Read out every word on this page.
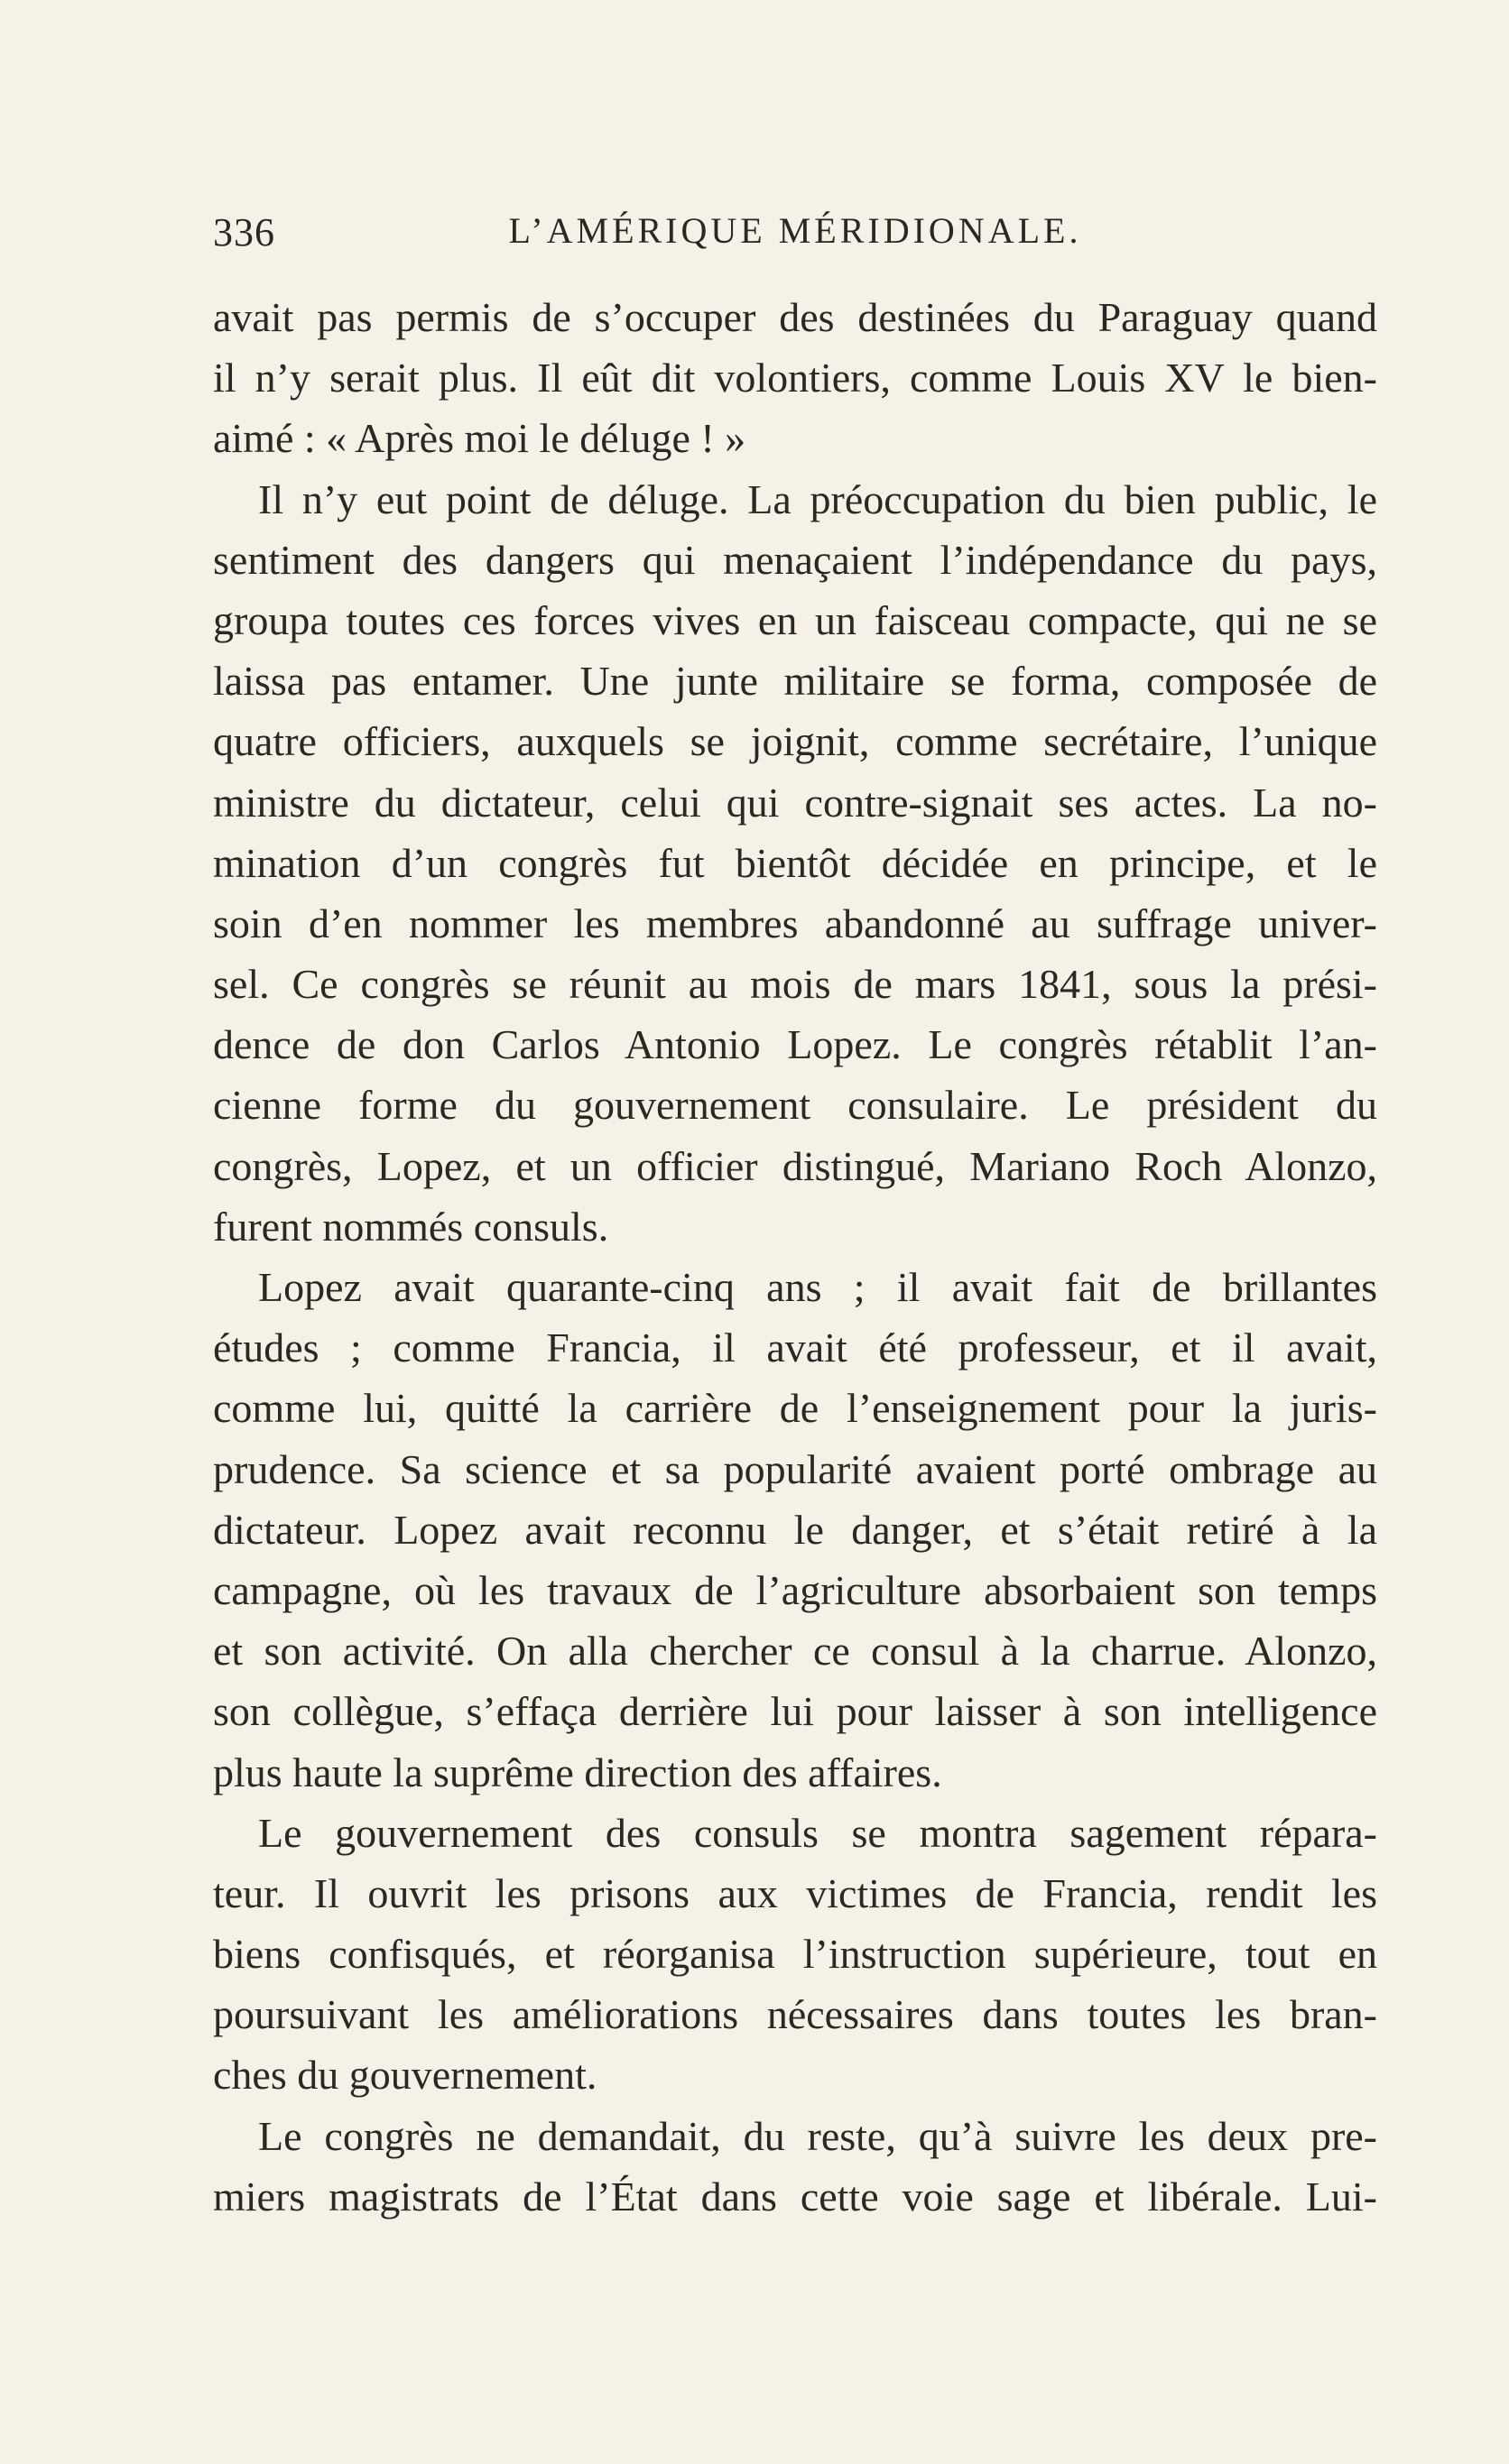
336	L’AMÉRIQUE MÉRIDIONALE.
avait pas permis de s’occuper des destinées du Paraguay quand
il n’y serait plus. Il eût dit volontiers, comme Louis XV le bien-
aimé : « Après moi le déluge ! »
Il n’y eut point de déluge. La préoccupation du bien public, le
sentiment des dangers qui menaçaient l’indépendance du pays,
groupa toutes ces forces vives en un faisceau compacte, qui ne se
laissa pas entamer. Une junte militaire se forma, composée de
quatre officiers, auxquels se joignit, comme secrétaire, l’unique
ministre du dictateur, celui qui contre-signait ses actes. La no-
mination d’un congrès fut bientôt décidée en principe, et le
soin d’en nommer les membres abandonné au suffrage univer-
sel. Ce congrès se réunit au mois de mars 1841, sous la prési-
dence de don Carlos Antonio Lopez. Le congrès rétablit l’an-
cienne forme du gouvernement consulaire. Le président du
congrès, Lopez, et un officier distingué, Mariano Roch Alonzo,
furent nommés consuls.
Lopez avait quarante-cinq ans ; il avait fait de brillantes
études ; comme Francia, il avait été professeur, et il avait,
comme lui, quitté la carrière de l’enseignement pour la juris-
prudence. Sa science et sa popularité avaient porté ombrage au
dictateur. Lopez avait reconnu le danger, et s’était retiré à la
campagne, où les travaux de l’agriculture absorbaient son temps
et son activité. On alla chercher ce consul à la charrue. Alonzo,
son collègue, s’effaça derrière lui pour laisser à son intelligence
plus haute la suprême direction des affaires.
Le gouvernement des consuls se montra sagement répara-
teur. Il ouvrit les prisons aux victimes de Francia, rendit les
biens confisqués, et réorganisa l’instruction supérieure, tout en
poursuivant les améliorations nécessaires dans toutes les bran-
ches du gouvernement.
Le congrès ne demandait, du reste, qu’à suivre les deux pre-
miers magistrats de l’État dans cette voie sage et libérale. Lui-
